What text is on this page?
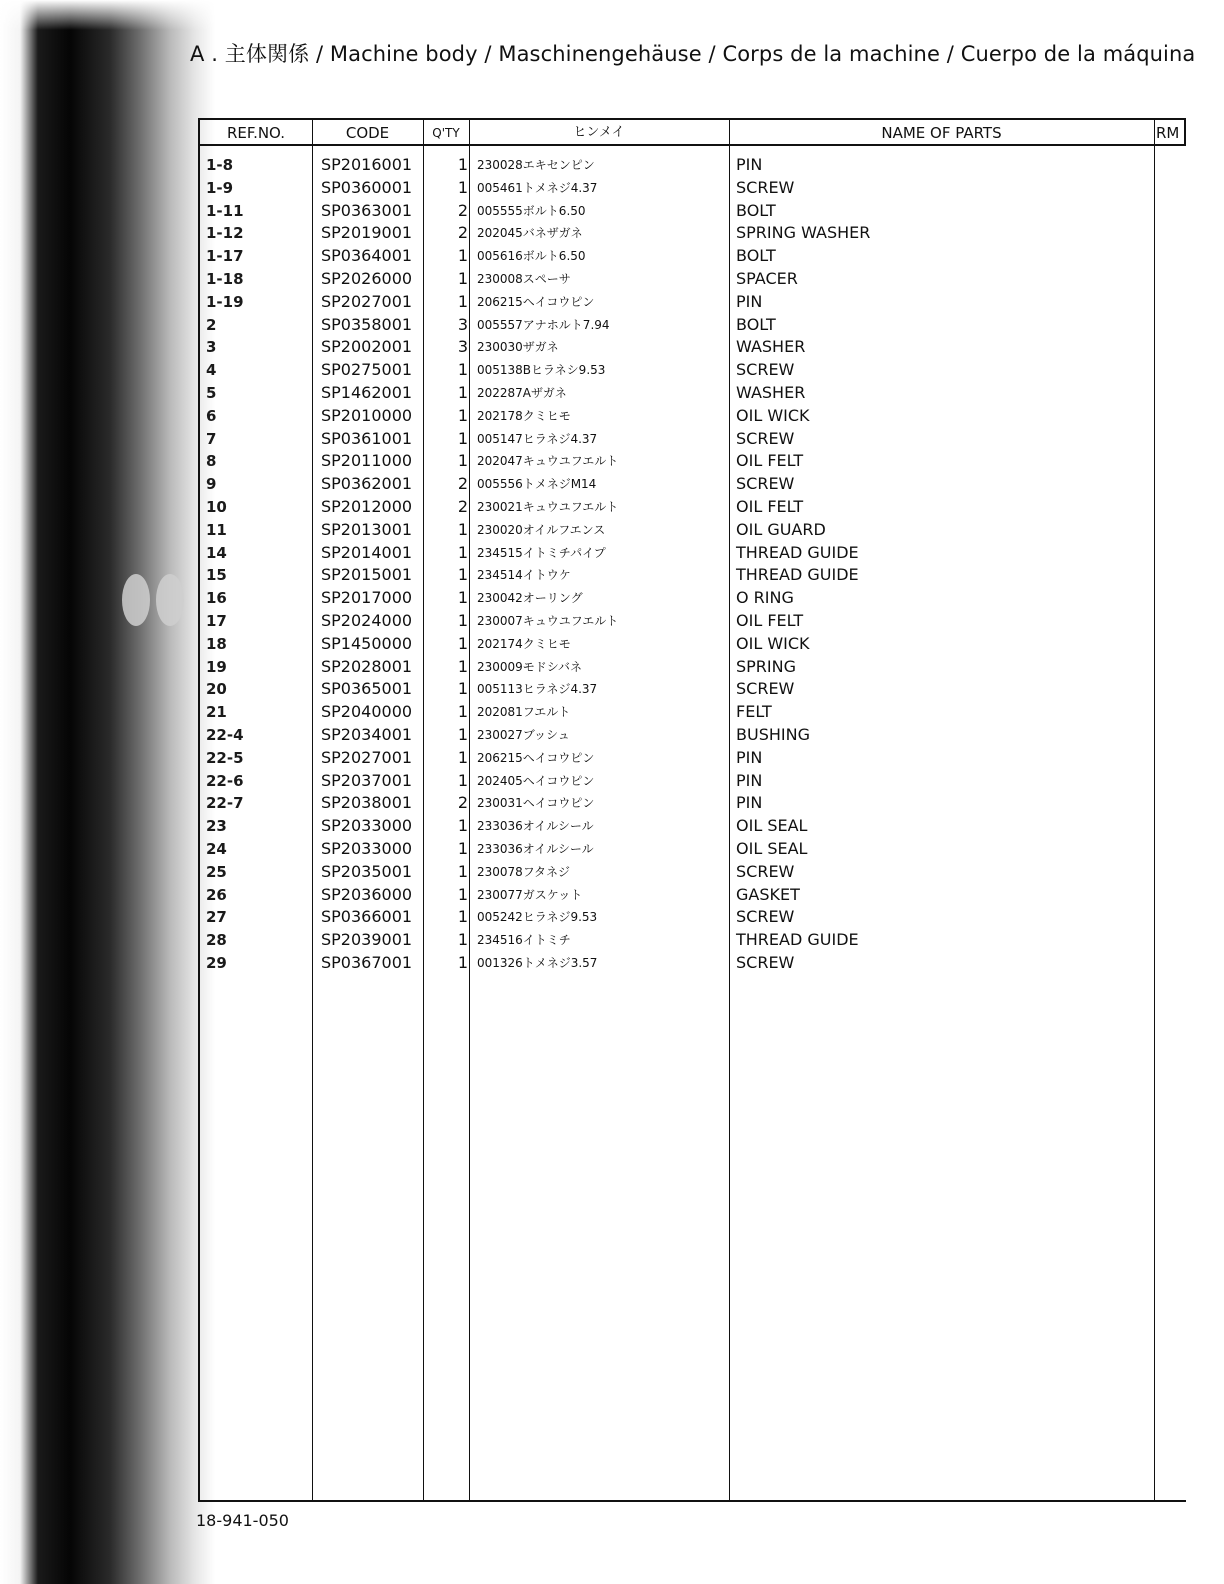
A . 主体関係 / Machine body / Maschinengehäuse / Corps de la machine / Cuerpo de la máquina
REF.NO.	CODE	Q'TY	ヒンメイ	NAME OF PARTS	RM
1-8	SP2016001	1 230028エキセンピン	PIN
1-9	SP0360001	1 005461トメネジ4.37	SCREW
1-11	SP0363001	2 005555ボルト6.50	BOLT
1-12	SP2019001	2 202045バネザガネ	SPRING WASHER
1-17	SP0364001	1 005616ボルト6.50	BOLT
1-18	SP2026000	1 230008スペーサ	SPACER
1-19	SP2027001	1 206215ヘイコウピン	PIN
2	SP0358001	3 005557アナホルト7.94	BOLT
3	SP2002001	3 230030ザガネ	WASHER
4	SP0275001	1 005138Bヒラネシ9.53	SCREW
5	SP1462001	1 202287Aザガネ	WASHER
6	SP2010000	1 202178クミヒモ	OIL WICK
7	SP0361001	1 005147ヒラネジ4.37	SCREW
8	SP2011000	1 202047キュウユフエルト	OIL FELT
9	SP0362001	2 005556トメネジM14	SCREW
10	SP2012000	2 230021キュウユフエルト	OIL FELT
11	SP2013001	1 230020オイルフエンス	OIL GUARD
14	SP2014001	1 234515イトミチパイプ	THREAD GUIDE
15	SP2015001	1 234514イトウケ	THREAD GUIDE
16	SP2017000	1 230042オーリング	O RING
17	SP2024000	1 230007キュウユフエルト	OIL FELT
18	SP1450000	1 202174クミヒモ	OIL WICK
19	SP2028001	1 230009モドシバネ	SPRING
20	SP0365001	1 005113ヒラネジ4.37	SCREW
21	SP2040000	1 202081フエルト	FELT
22-4	SP2034001	1 230027ブッシュ	BUSHING
22-5	SP2027001	1 206215ヘイコウピン	PIN
22-6	SP2037001	1 202405ヘイコウピン	PIN
22-7	SP2038001	2 230031ヘイコウピン	PIN
23	SP2033000	1 233036オイルシール	OIL SEAL
24	SP2033000	1 233036オイルシール	OIL SEAL
25	SP2035001	1 230078フタネジ	SCREW
26	SP2036000	1 230077ガスケット	GASKET
27	SP0366001	1 005242ヒラネジ9.53	SCREW
28	SP2039001	1 234516イトミチ	THREAD GUIDE
29	SP0367001	1 001326トメネジ3.57	SCREW
18-941-050
